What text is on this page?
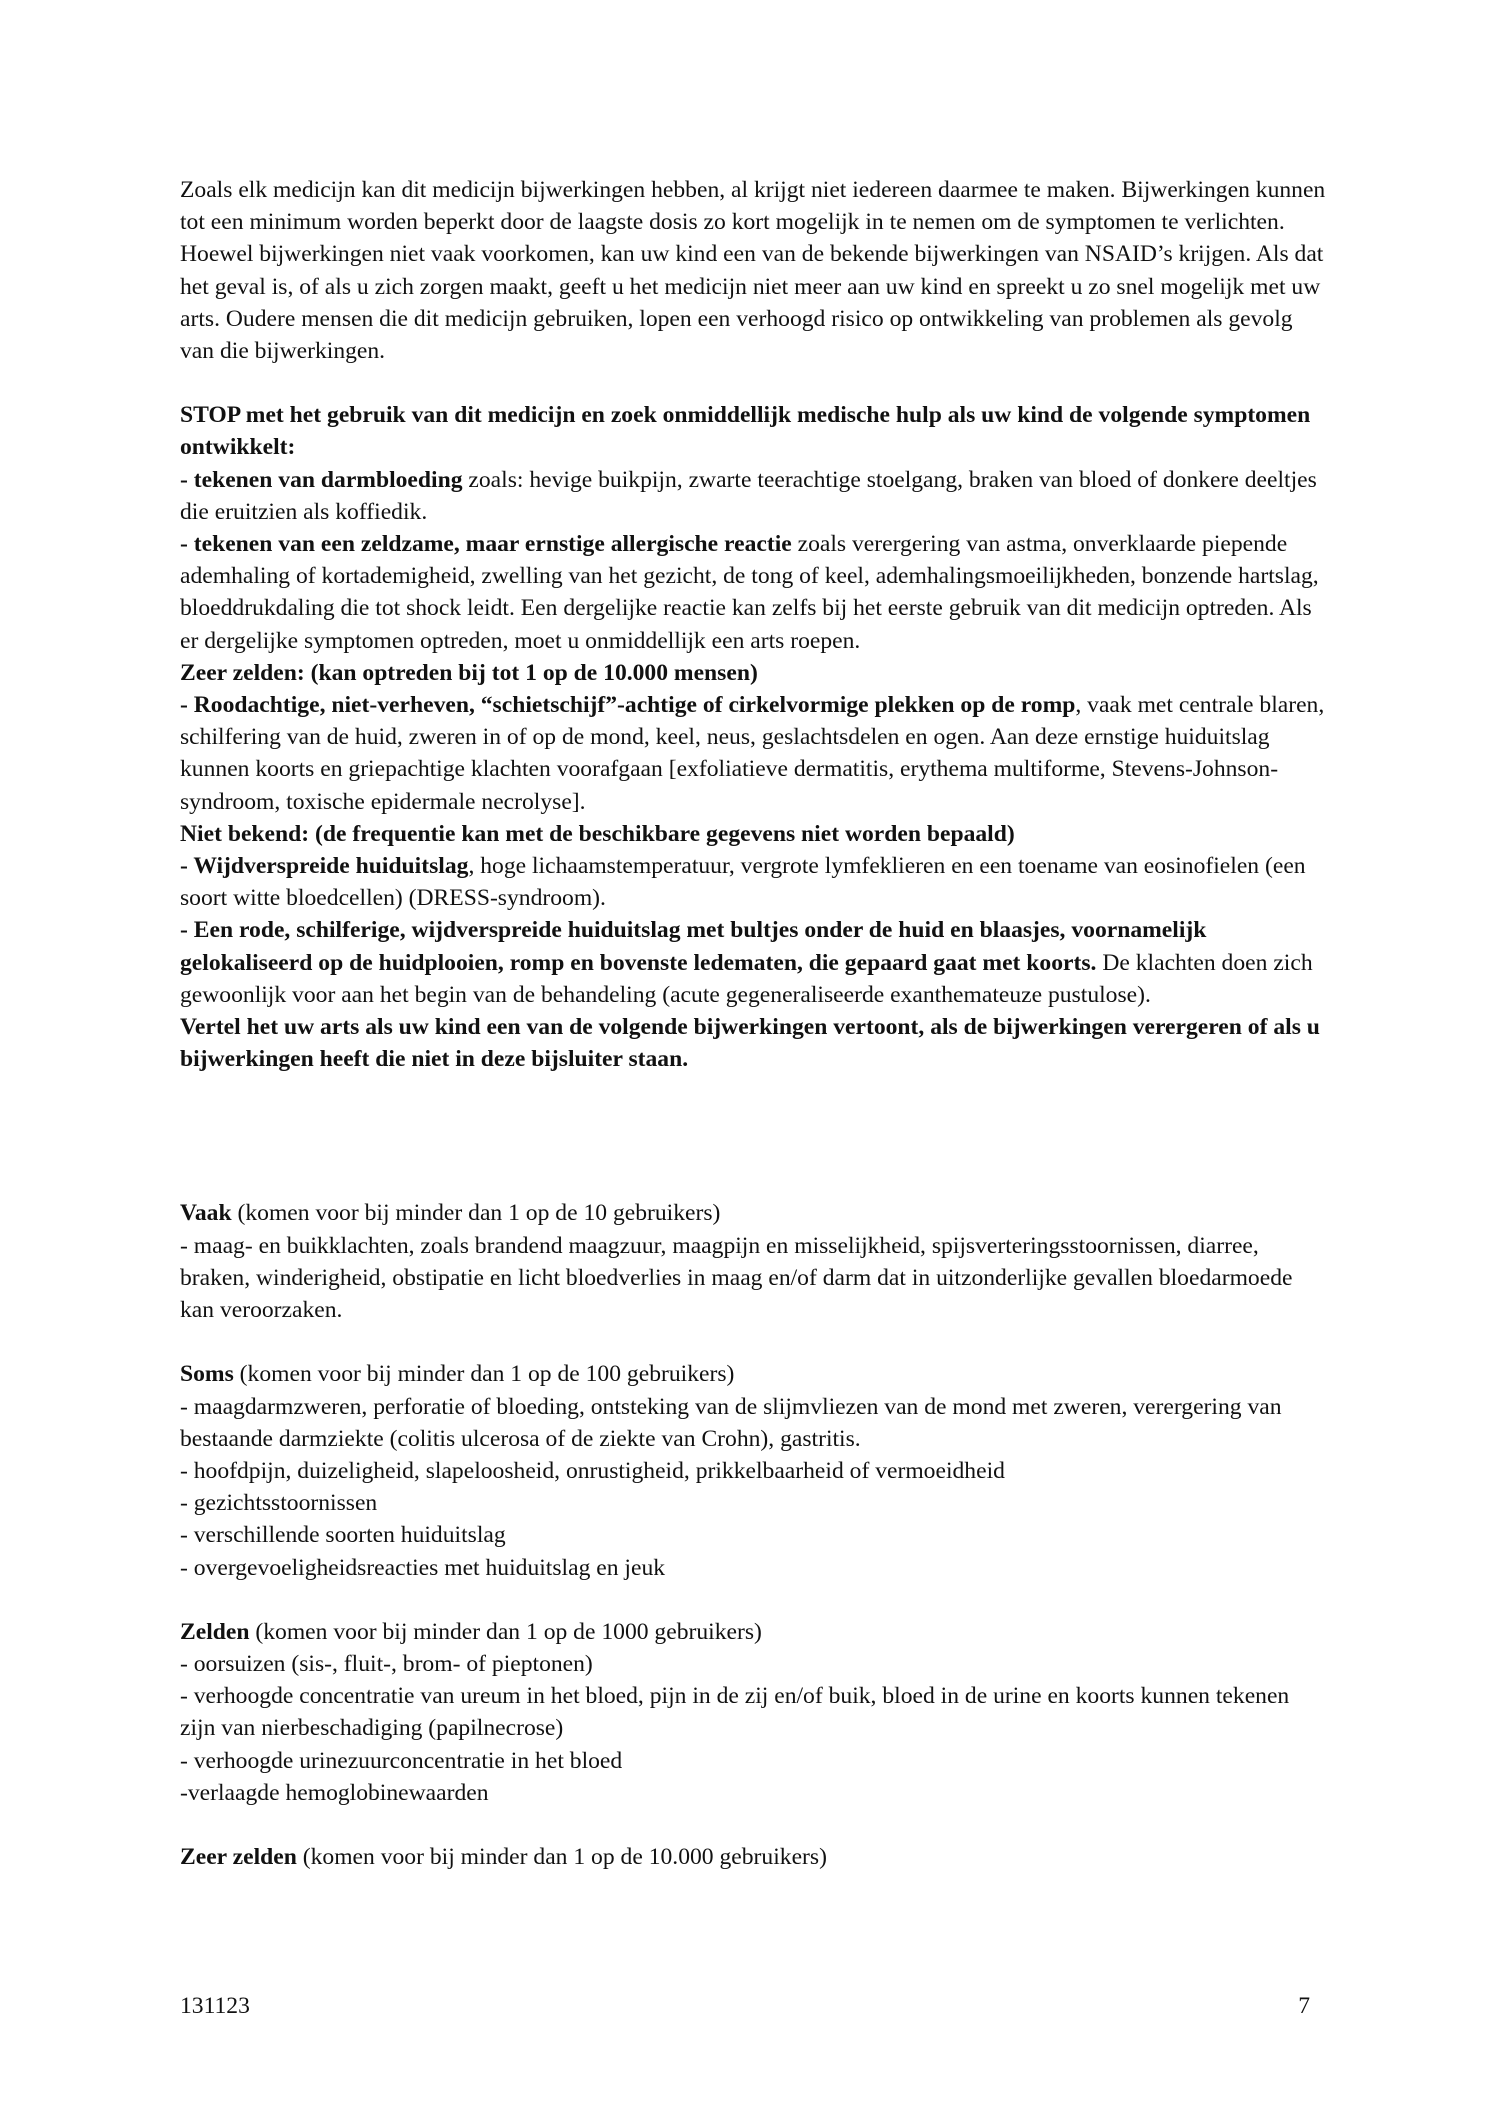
Zoals elk medicijn kan dit medicijn bijwerkingen hebben, al krijgt niet iedereen daarmee te maken. Bijwerkingen kunnen tot een minimum worden beperkt door de laagste dosis zo kort mogelijk in te nemen om de symptomen te verlichten. Hoewel bijwerkingen niet vaak voorkomen, kan uw kind een van de bekende bijwerkingen van NSAID’s krijgen. Als dat het geval is, of als u zich zorgen maakt, geeft u het medicijn niet meer aan uw kind en spreekt u zo snel mogelijk met uw arts. Oudere mensen die dit medicijn gebruiken, lopen een verhoogd risico op ontwikkeling van problemen als gevolg van die bijwerkingen.

STOP met het gebruik van dit medicijn en zoek onmiddellijk medische hulp als uw kind de volgende symptomen ontwikkelt:

- tekenen van darmbloeding zoals: hevige buikpijn, zwarte teerachtige stoelgang, braken van bloed of donkere deeltjes die eruitzien als koffiedik.

- tekenen van een zeldzame, maar ernstige allergische reactie zoals verergering van astma, onverklaarde piepende ademhaling of kortademigheid, zwelling van het gezicht, de tong of keel, ademhalingsmoeilijkheden, bonzende hartslag, bloeddrukdaling die tot shock leidt. Een dergelijke reactie kan zelfs bij het eerste gebruik van dit medicijn optreden. Als er dergelijke symptomen optreden, moet u onmiddellijk een arts roepen.

Zeer zelden: (kan optreden bij tot 1 op de 10.000 mensen)

- Roodachtige, niet-verheven, “schietschijf”-achtige of cirkelvormige plekken op de romp, vaak met centrale blaren, schilfering van de huid, zweren in of op de mond, keel, neus, geslachtsdelen en ogen. Aan deze ernstige huiduitslag kunnen koorts en griepachtige klachten voorafgaan [exfoliatieve dermatitis, erythema multiforme, Stevens-Johnson-syndroom, toxische epidermale necrolyse].

Niet bekend: (de frequentie kan met de beschikbare gegevens niet worden bepaald)

- Wijdverspreide huiduitslag, hoge lichaamstemperatuur, vergrote lymfeklieren en een toename van eosinofielen (een soort witte bloedcellen) (DRESS-syndroom).

- Een rode, schilferige, wijdverspreide huiduitslag met bultjes onder de huid en blaasjes, voornamelijk gelokaliseerd op de huidplooien, romp en bovenste ledematen, die gepaard gaat met koorts. De klachten doen zich gewoonlijk voor aan het begin van de behandeling (acute gegeneraliseerde exanthemateuze pustulose).

Vertel het uw arts als uw kind een van de volgende bijwerkingen vertoont, als de bijwerkingen verergeren of als u bijwerkingen heeft die niet in deze bijsluiter staan.

Vaak (komen voor bij minder dan 1 op de 10 gebruikers)

- maag- en buikklachten, zoals brandend maagzuur, maagpijn en misselijkheid, spijsverteringsstoornissen, diarree, braken, winderigheid, obstipatie en licht bloedverlies in maag en/of darm dat in uitzonderlijke gevallen bloedarmoede kan veroorzaken.

Soms (komen voor bij minder dan 1 op de 100 gebruikers)

- maagdarmzweren, perforatie of bloeding, ontsteking van de slijmvliezen van de mond met zweren, verergering van bestaande darmziekte (colitis ulcerosa of de ziekte van Crohn), gastritis.

- hoofdpijn, duizeligheid, slapeloosheid, onrustigheid, prikkelbaarheid of vermoeidheid

- gezichtsstoornissen

- verschillende soorten huiduitslag

- overgevoeligheidsreacties met huiduitslag en jeuk

Zelden (komen voor bij minder dan 1 op de 1000 gebruikers)

- oorsuizen (sis-, fluit-, brom- of pieptonen)

- verhoogde concentratie van ureum in het bloed, pijn in de zij en/of buik, bloed in de urine en koorts kunnen tekenen zijn van nierbeschadiging (papilnecrose)

- verhoogde urinezuurconcentratie in het bloed

-verlaagde hemoglobinewaarden

Zeer zelden (komen voor bij minder dan 1 op de 10.000 gebruikers)

131123	7
